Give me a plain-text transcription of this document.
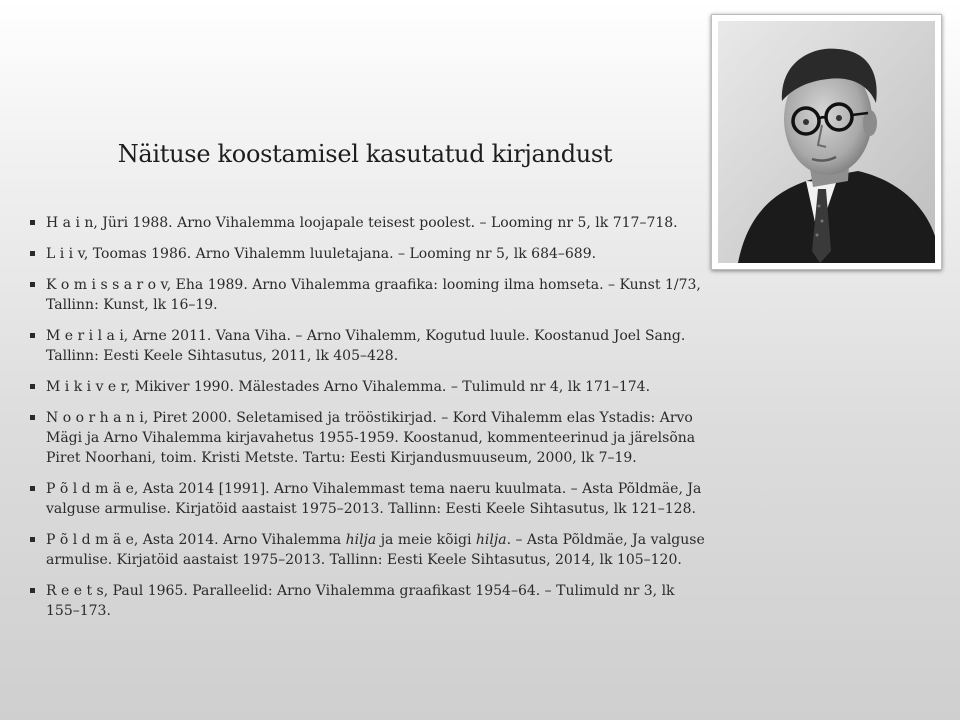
Näituse koostamisel kasutatud kirjandust
H a i n, Jüri 1988. Arno Vihalemma loojapale teisest poolest. – Looming nr 5, lk 717–718.
L i i v, Toomas 1986. Arno Vihalemm luuletajana. – Looming nr 5, lk 684–689.
K o m i s s a r o v, Eha 1989. Arno Vihalemma graafika: looming ilma homseta. – Kunst 1/73, Tallinn: Kunst, lk 16–19.
M e r i l a i, Arne 2011. Vana Viha. – Arno Vihalemm, Kogutud luule. Koostanud Joel Sang. Tallinn: Eesti Keele Sihtasutus, 2011, lk 405–428.
M i k i v e r, Mikiver 1990. Mälestades Arno Vihalemma. – Tulimuld nr 4, lk 171–174.
N o o r h a n i, Piret 2000. Seletamised ja trööstikirjad. – Kord Vihalemm elas Ystadis: Arvo Mägi ja Arno Vihalemma kirjavahetus 1955-1959. Koostanud, kommenteerinud ja järelsõna Piret Noorhani, toim. Kristi Metste. Tartu: Eesti Kirjandusmuuseum, 2000, lk 7–19.
P õ l d m ä e, Asta 2014 [1991]. Arno Vihalemmast tema naeru kuulmata. – Asta Põldmäe, Ja valguse armulise. Kirjatöid aastaist 1975–2013. Tallinn: Eesti Keele Sihtasutus, lk 121–128.
P õ l d m ä e, Asta 2014. Arno Vihalemma hilja ja meie kõigi hilja. – Asta Põldmäe, Ja valguse armulise. Kirjatöid aastaist 1975–2013. Tallinn: Eesti Keele Sihtasutus, 2014, lk 105–120.
R e e t s, Paul 1965. Paralleelid: Arno Vihalemma graafikast 1954–64. – Tulimuld nr 3, lk 155–173.
